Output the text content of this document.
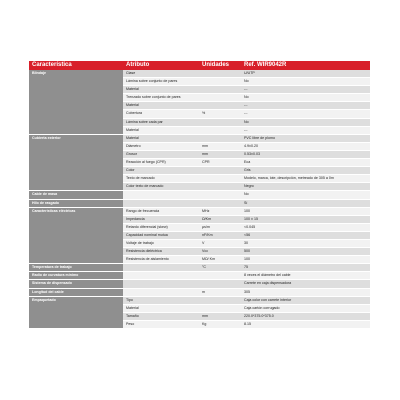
Característica	Atributo	Unidades	Ref. WIR9042R
Blindaje	Clase		U/UTP
	Lámina sobre conjunto de pares		No
	Material		---
	Trenzado sobre conjunto de pares		No
	Material		---
	Cobertura	%	---
	Lámina sobre cada par		No
	Material		---
Cubierta exterior	Material		PVC libre de plomo
	Diámetro	mm	4.9±0.20
	Grosor	mm	0.53±0.03
	Reacción al fuego (CPR)	CPR	Eca
	Color		Gris
	Texto de marcado		Modelo, marca, lote, descripción, metreado de 305 a 0m
	Color texto de marcado		Negro
Cable de masa			No
Hilo de rasgado			Sí
Características eléctricas	Rango de frecuencia	MHz	100
	Impedancia	Ω/Km	100 ± 15
	Retardo diferencial (skew)	µs/m	<0.045
	Capacidad nominal mutua	nF/Km	<56
	Voltaje de trabajo	V	30
	Resistencia dieléctrica	Vcc	500
	Resistencia de aislamiento	MΩ/ Km	100
Temperatura de trabajo		°C	75
Radio de curvatura mínimo			8 veces el diámetro del cable
Sistema de dispensado			Carrete en caja dispensadora
Longitud del cable		m	305
Empaquetado	Tipo		Caja color con carrete interior
	Material		Caja cartón corrugado
	Tamaño	mm	220.0*375.0*375.0
	Peso	Kg	8.15
